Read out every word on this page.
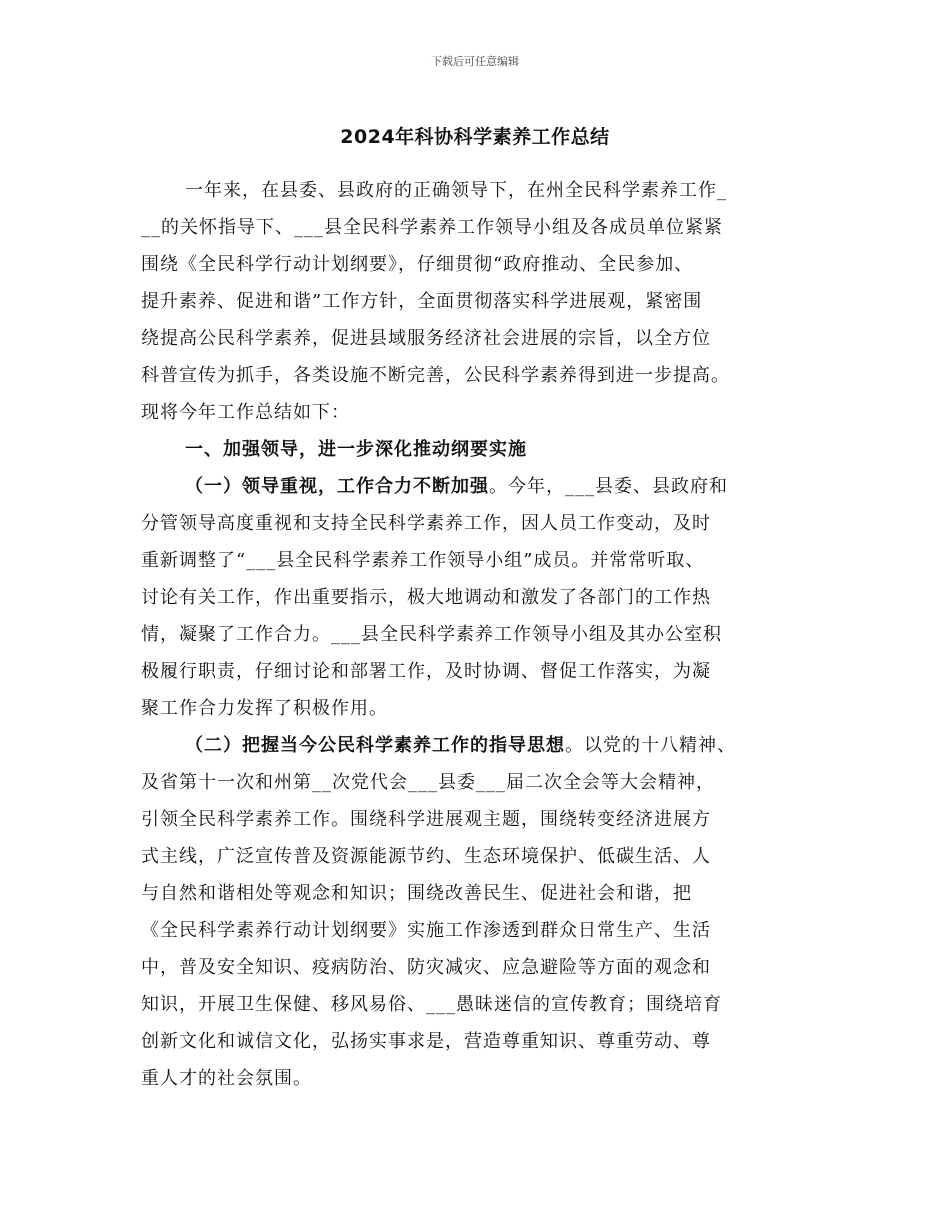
下载后可任意编辑
2024年科协科学素养工作总结
一年来，在县委、县政府的正确领导下，在州全民科学素养工作_
__的关怀指导下、___县全民科学素养工作领导小组及各成员单位紧紧
围绕《全民科学行动计划纲要》，仔细贯彻“政府推动、全民参加、
提升素养、促进和谐”工作方针，全面贯彻落实科学进展观，紧密围
绕提高公民科学素养，促进县域服务经济社会进展的宗旨，以全方位
科普宣传为抓手，各类设施不断完善，公民科学素养得到进一步提高。
现将今年工作总结如下：
一、加强领导，进一步深化推动纲要实施
（一）领导重视，工作合力不断加强。今年，___县委、县政府和
分管领导高度重视和支持全民科学素养工作，因人员工作变动，及时
重新调整了“___县全民科学素养工作领导小组”成员。并常常听取、
讨论有关工作，作出重要指示，极大地调动和激发了各部门的工作热
情，凝聚了工作合力。___县全民科学素养工作领导小组及其办公室积
极履行职责，仔细讨论和部署工作，及时协调、督促工作落实，为凝
聚工作合力发挥了积极作用。
（二）把握当今公民科学素养工作的指导思想。以党的十八精神、
及省第十一次和州第__次党代会___县委___届二次全会等大会精神，
引领全民科学素养工作。围绕科学进展观主题，围绕转变经济进展方
式主线，广泛宣传普及资源能源节约、生态环境保护、低碳生活、人
与自然和谐相处等观念和知识；围绕改善民生、促进社会和谐，把
《全民科学素养行动计划纲要》实施工作渗透到群众日常生产、生活
中，普及安全知识、疫病防治、防灾减灾、应急避险等方面的观念和
知识，开展卫生保健、移风易俗、___愚昧迷信的宣传教育；围绕培育
创新文化和诚信文化，弘扬实事求是，营造尊重知识、尊重劳动、尊
重人才的社会氛围。
